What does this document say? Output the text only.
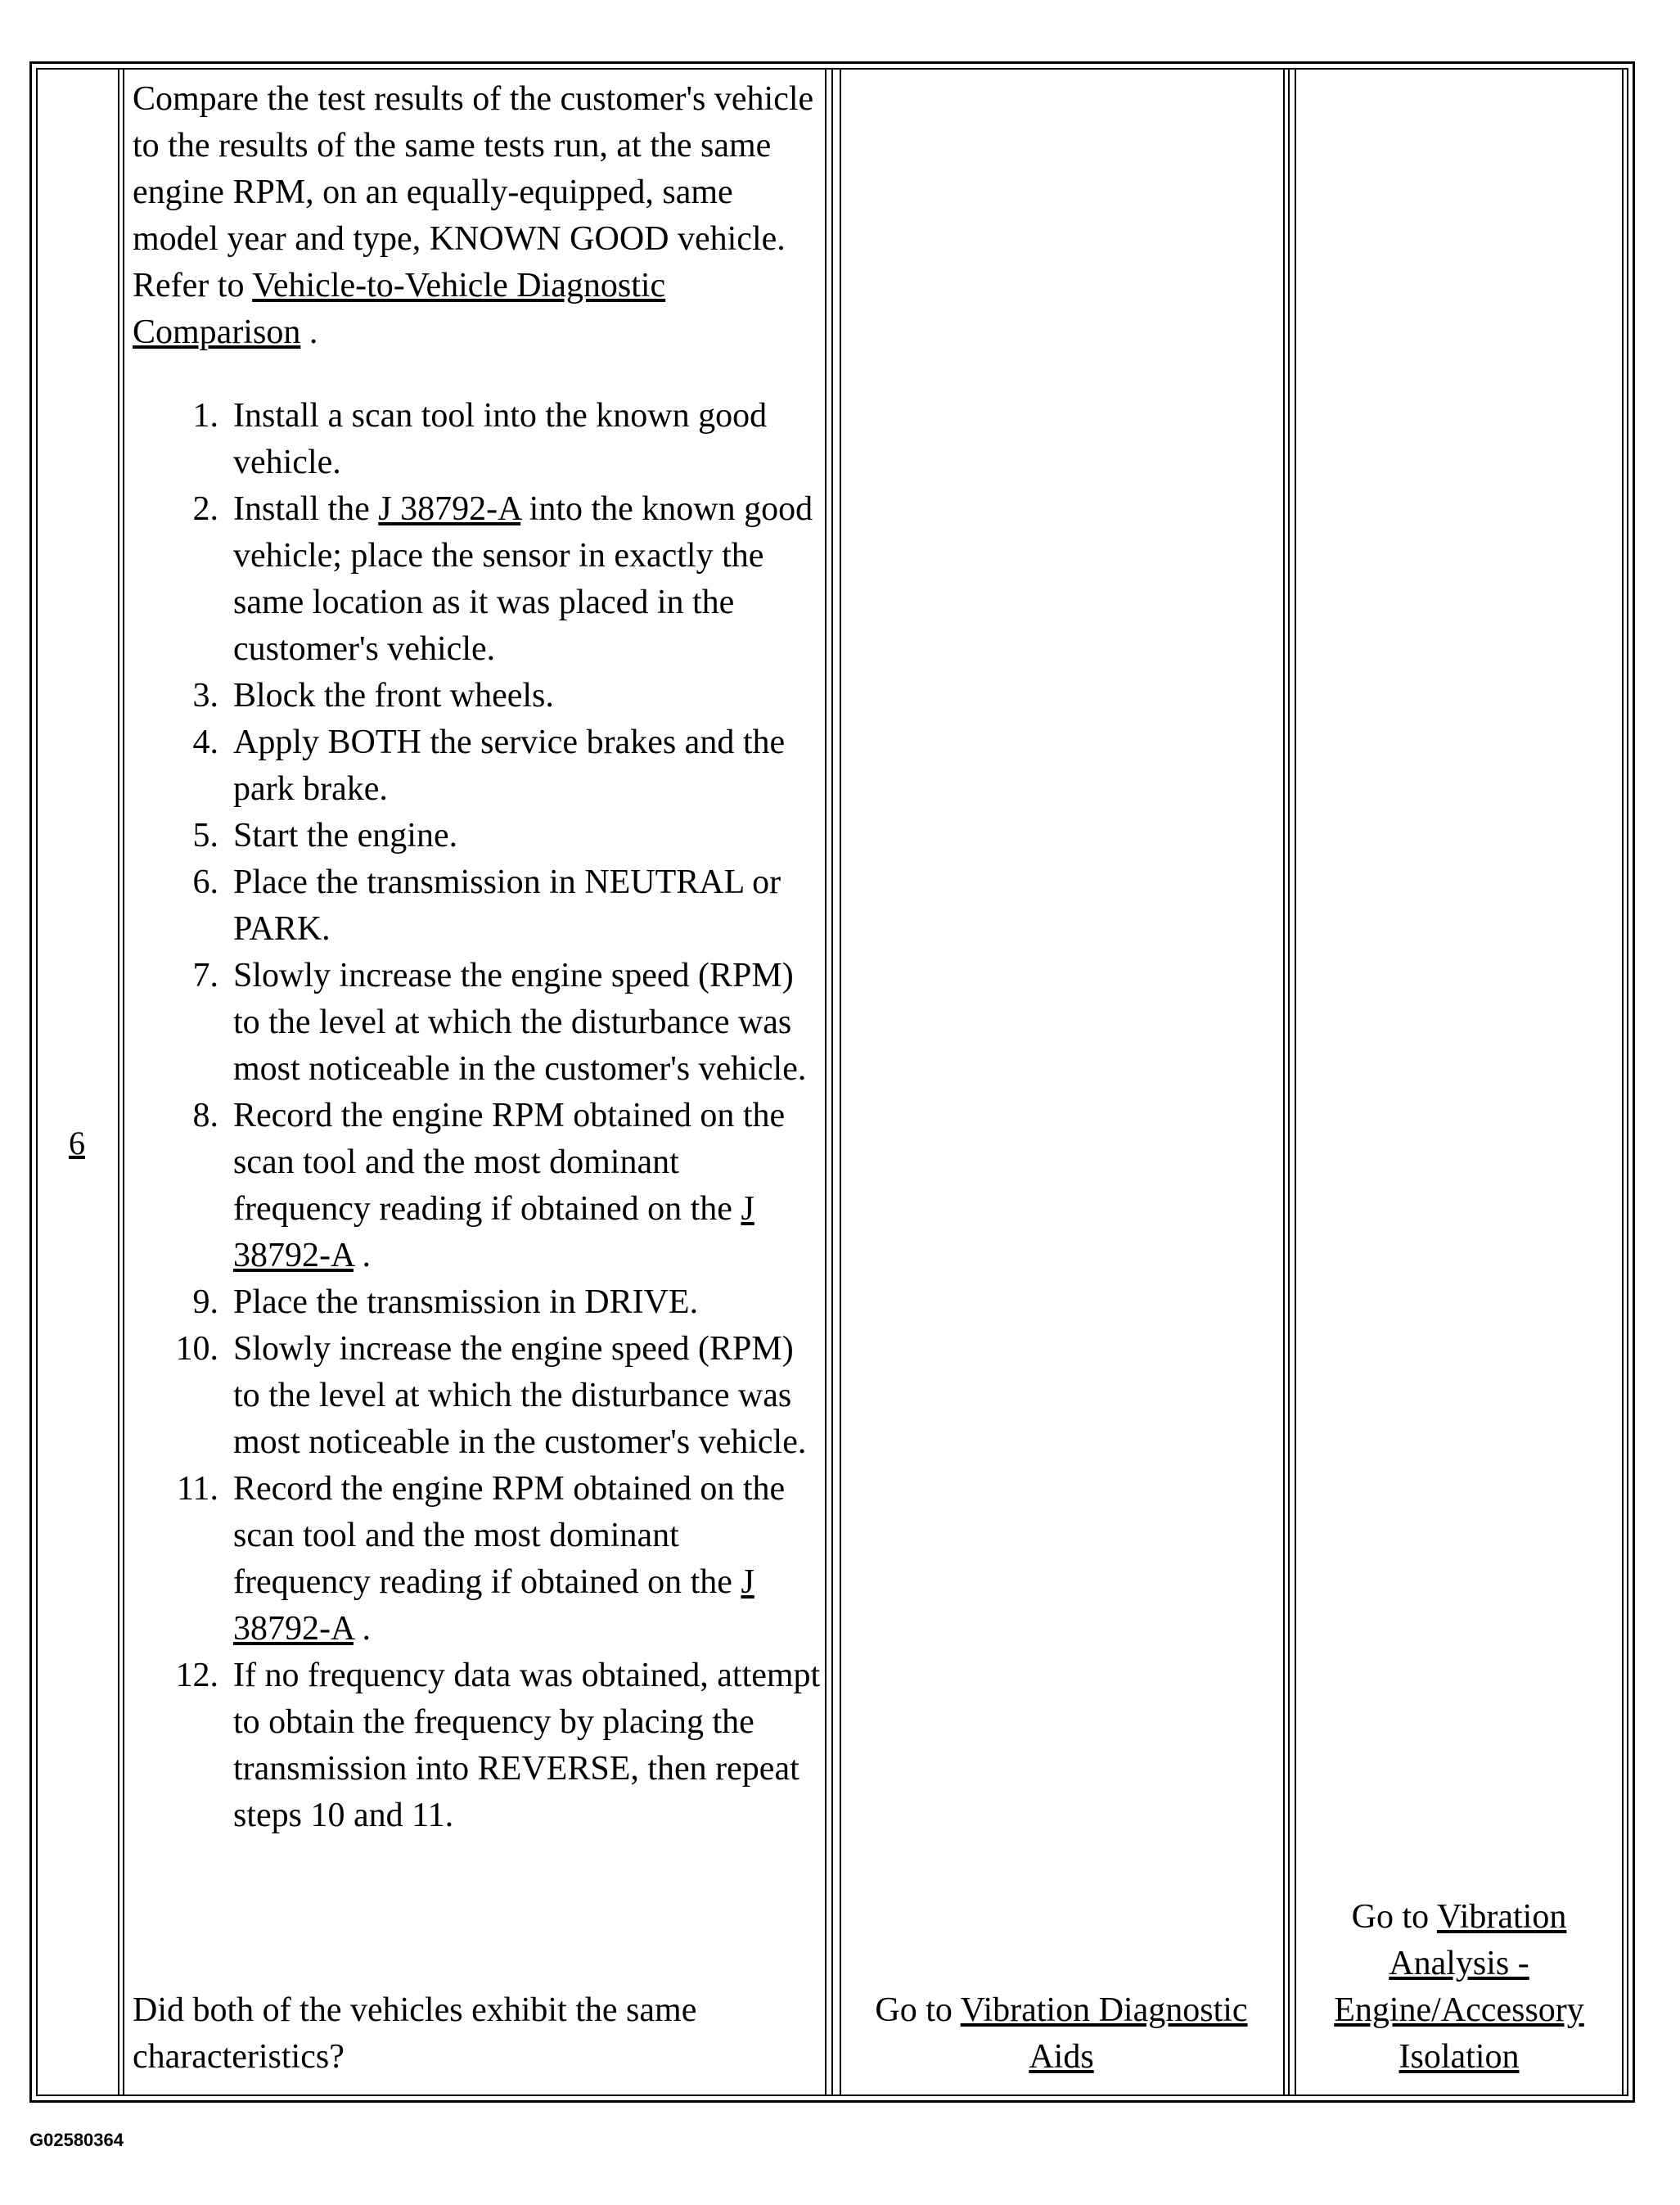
6

Compare the test results of the customer's vehicle to the results of the same tests run, at the same engine RPM, on an equally-equipped, same model year and type, KNOWN GOOD vehicle. Refer to Vehicle-to-Vehicle Diagnostic Comparison .

1. Install a scan tool into the known good vehicle.
2. Install the J 38792-A into the known good vehicle; place the sensor in exactly the same location as it was placed in the customer's vehicle.
3. Block the front wheels.
4. Apply BOTH the service brakes and the park brake.
5. Start the engine.
6. Place the transmission in NEUTRAL or PARK.
7. Slowly increase the engine speed (RPM) to the level at which the disturbance was most noticeable in the customer's vehicle.
8. Record the engine RPM obtained on the scan tool and the most dominant frequency reading if obtained on the J 38792-A .
9. Place the transmission in DRIVE.
10. Slowly increase the engine speed (RPM) to the level at which the disturbance was most noticeable in the customer's vehicle.
11. Record the engine RPM obtained on the scan tool and the most dominant frequency reading if obtained on the J 38792-A .
12. If no frequency data was obtained, attempt to obtain the frequency by placing the transmission into REVERSE, then repeat steps 10 and 11.
Did both of the vehicles exhibit the same characteristics?
Go to Vibration Diagnostic Aids
Go to Vibration Analysis - Engine/Accessory Isolation
G02580364
